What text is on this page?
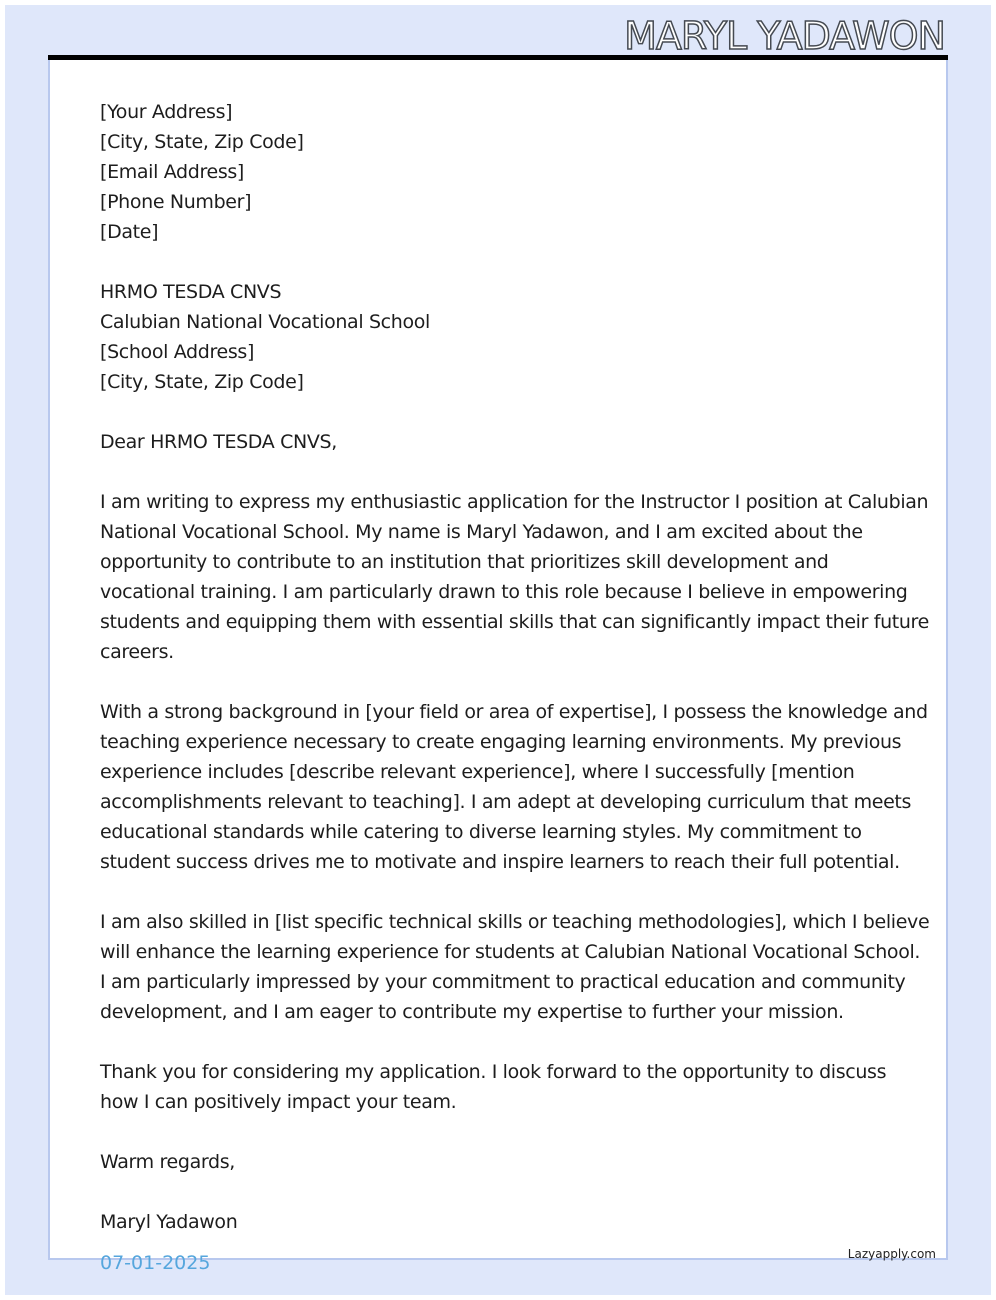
MARYL YADAWON
[Your Address]
[City, State, Zip Code]
[Email Address]
[Phone Number]
[Date]
HRMO TESDA CNVS
Calubian National Vocational School
[School Address]
[City, State, Zip Code]
Dear HRMO TESDA CNVS,
I am writing to express my enthusiastic application for the Instructor I position at Calubian
National Vocational School. My name is Maryl Yadawon, and I am excited about the
opportunity to contribute to an institution that prioritizes skill development and
vocational training. I am particularly drawn to this role because I believe in empowering
students and equipping them with essential skills that can significantly impact their future
careers.
With a strong background in [your field or area of expertise], I possess the knowledge and
teaching experience necessary to create engaging learning environments. My previous
experience includes [describe relevant experience], where I successfully [mention
accomplishments relevant to teaching]. I am adept at developing curriculum that meets
educational standards while catering to diverse learning styles. My commitment to
student success drives me to motivate and inspire learners to reach their full potential.
I am also skilled in [list specific technical skills or teaching methodologies], which I believe
will enhance the learning experience for students at Calubian National Vocational School.
I am particularly impressed by your commitment to practical education and community
development, and I am eager to contribute my expertise to further your mission.
Thank you for considering my application. I look forward to the opportunity to discuss
how I can positively impact your team.
Warm regards,
Maryl Yadawon
07-01-2025	Lazyapply.com
